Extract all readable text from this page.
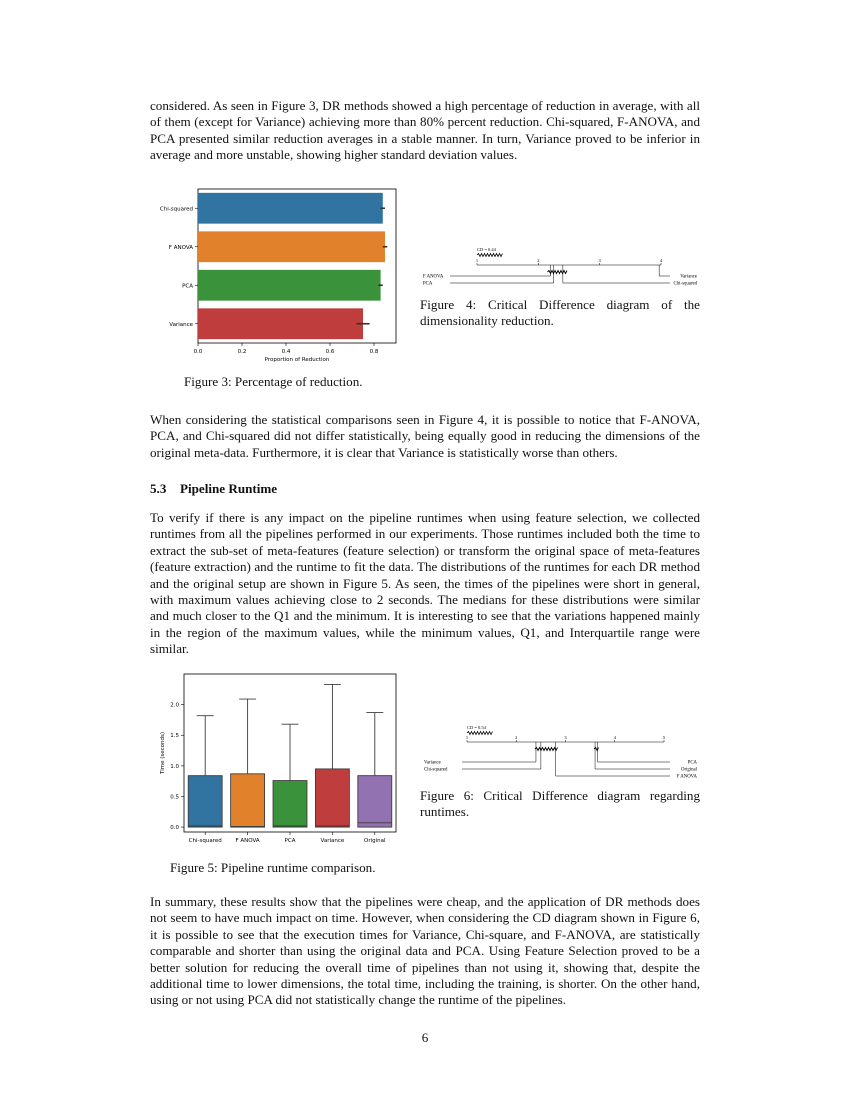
considered. As seen in Figure 3, DR methods showed a high percentage of reduction in average, with all of them (except for Variance) achieving more than 80% percent reduction. Chi-squared, F-ANOVA, and PCA presented similar reduction averages in a stable manner. In turn, Variance proved to be inferior in average and more unstable, showing higher standard deviation values.

Chi-squared
F ANOVA
PCA
Variance
0.0	0.2	0.4	0.6	0.8
Proportion of Reduction

Figure 3: Percentage of reduction.

CD = 0.44
1	2	3	4
F ANOVA
PCA
Variance
Chi-squared

Figure 4: Critical Difference diagram of the dimensionality reduction.

When considering the statistical comparisons seen in Figure 4, it is possible to notice that F-ANOVA, PCA, and Chi-squared did not differ statistically, being equally good in reducing the dimensions of the original meta-data. Furthermore, it is clear that Variance is statistically worse than others.

5.3 Pipeline Runtime

To verify if there is any impact on the pipeline runtimes when using feature selection, we collected runtimes from all the pipelines performed in our experiments. Those runtimes included both the time to extract the sub-set of meta-features (feature selection) or transform the original space of meta-features (feature extraction) and the runtime to fit the data. The distributions of the runtimes for each DR method and the original setup are shown in Figure 5. As seen, the times of the pipelines were short in general, with maximum values achieving close to 2 seconds. The medians for these distributions were similar and much closer to the Q1 and the minimum. It is interesting to see that the variations happened mainly in the region of the maximum values, while the minimum values, Q1, and Interquartile range were similar.

0.0
0.5
1.0
1.5
2.0
Time (seconds)
Chi-squared	F ANOVA	PCA	Variance	Original

Figure 5: Pipeline runtime comparison.

CD = 0.54
1	2	3	4	5
Variance
Chi-squared
PCA
Original
F ANOVA

Figure 6: Critical Difference diagram regarding runtimes.

In summary, these results show that the pipelines were cheap, and the application of DR methods does not seem to have much impact on time. However, when considering the CD diagram shown in Figure 6, it is possible to see that the execution times for Variance, Chi-square, and F-ANOVA, are statistically comparable and shorter than using the original data and PCA. Using Feature Selection proved to be a better solution for reducing the overall time of pipelines than not using it, showing that, despite the additional time to lower dimensions, the total time, including the training, is shorter. On the other hand, using or not using PCA did not statistically change the runtime of the pipelines.

6
